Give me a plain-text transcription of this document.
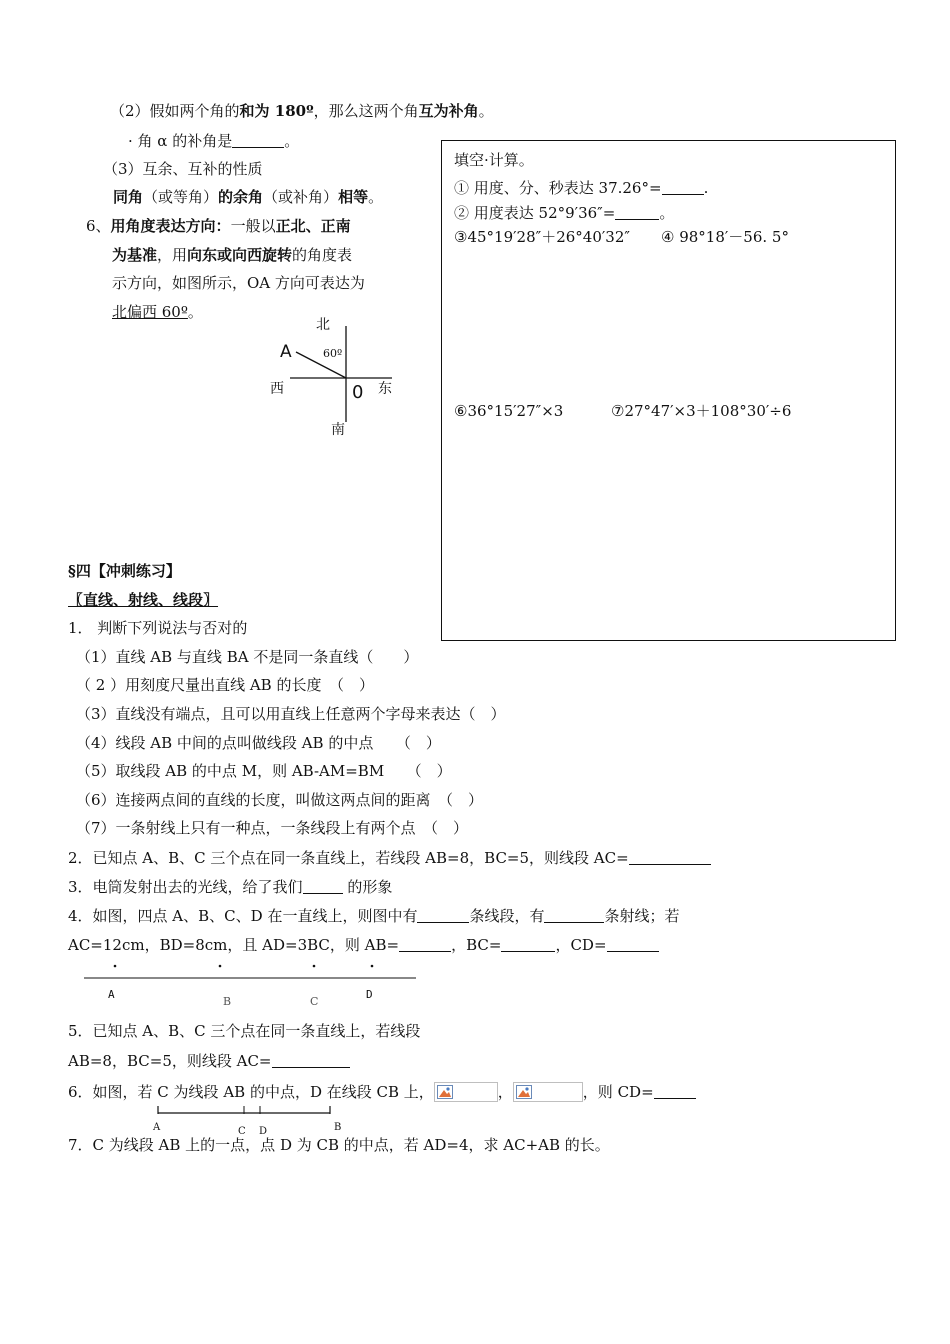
（2）假如两个角的和为 180º，那么这两个角互为补角。
· 角 α 的补角是	。
（3）互余、互补的性质
同角（或等角）的余角（或补角）相等。
6、用角度表达方向：一般以正北、正南
为基准，用向东或向西旋转的角度表
示方向，如图所示，OA 方向可表达为
北偏西 60º。
北
A	60º
西	0 东
南
填空·计算。
① 用度、分、秒表达 37.26°=	.
② 用度表达 52°9′36″=	。
③45°19′28″＋26°40′32″ ④ 98°18′－56. 5°
⑥36°15′27″×3	⑦27°47′×3＋108°30′÷6
§四【冲刺练习】
〖直线、射线、线段〗
1． 判断下列说法与否对的
（1）直线 AB 与直线 BA 不是同一条直线（　　）
（ 2 ）用刻度尺量出直线 AB 的长度　（　）
（3）直线没有端点，且可以用直线上任意两个字母来表达（　）
（4）线段 AB 中间的点叫做线段 AB 的中点　　（　）
（5）取线段 AB 的中点 M，则 AB-AM=BM　　（　）
（6）连接两点间的直线的长度，叫做这两点间的距离　（　）
（7）一条射线上只有一种点，一条线段上有两个点　（　）
2．已知点 A、B、C 三个点在同一条直线上，若线段 AB=8，BC=5，则线段 AC=
3．电筒发射出去的光线，给了我们	的形象
4．如图，四点 A、B、C、D 在一直线上，则图中有	条线段，有	条射线；若
AC=12cm，BD=8cm，且 AD=3BC，则 AB=	，BC=	，CD=
A
B	C
D
5．已知点 A、B、C 三个点在同一条直线上，若线段
AB=8，BC=5，则线段 AC=
6．如图，若 C 为线段 AB 的中点，D 在线段 CB 上，	，	，则 CD=
A	C D	B
7．C 为线段 AB 上的一点，点 D 为 CB 的中点，若 AD=4，求 AC+AB 的长。
